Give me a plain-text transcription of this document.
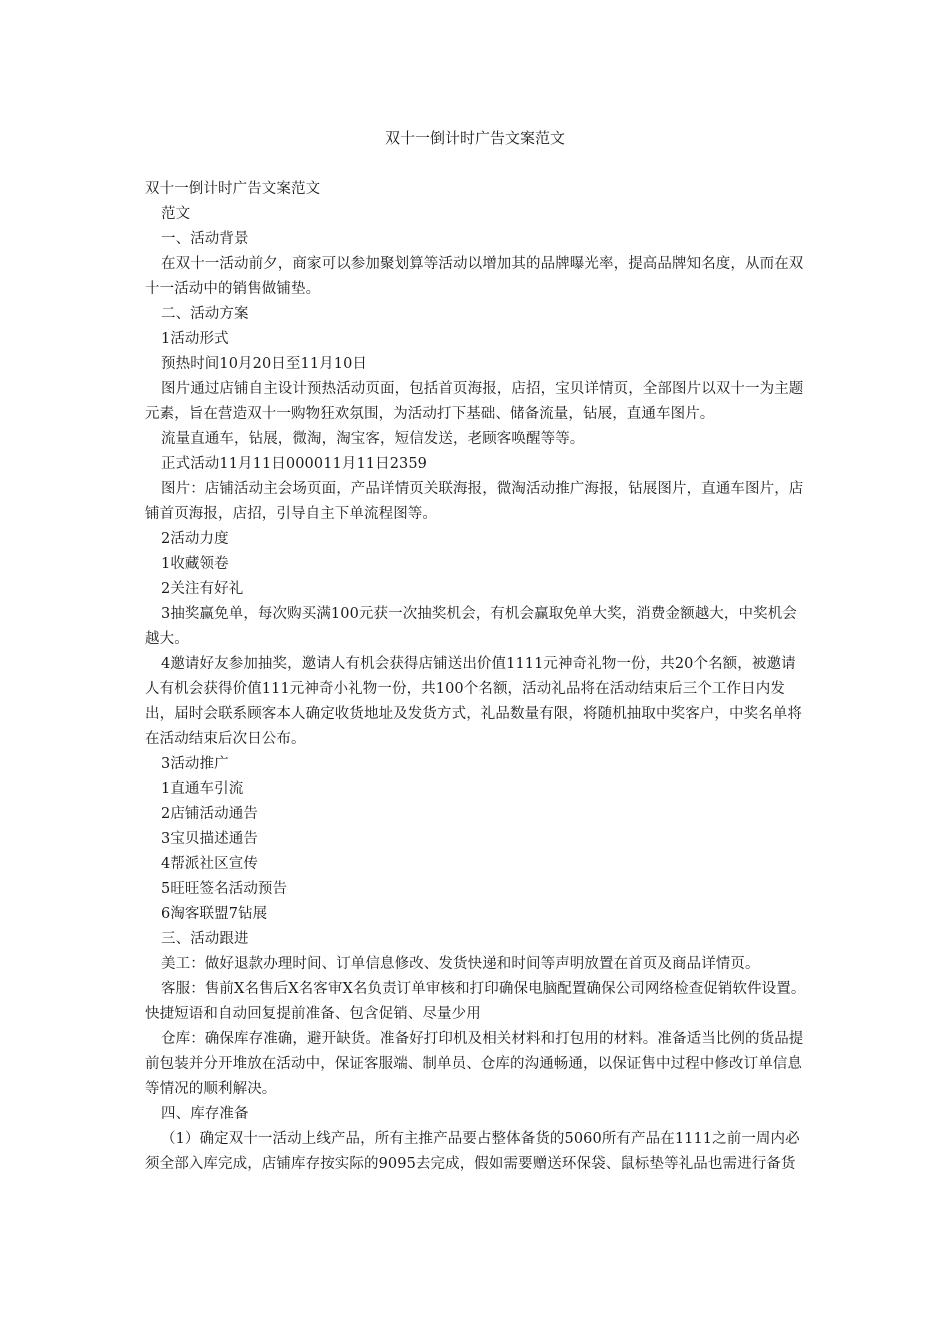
双十一倒计时广告文案范文

双十一倒计时广告文案范文

范文

一、活动背景

在双十一活动前夕，商家可以参加聚划算等活动以增加其的品牌曝光率，提高品牌知名度，从而在双十一活动中的销售做铺垫。

二、活动方案

1活动形式

预热时间10月20日至11月10日

图片通过店铺自主设计预热活动页面，包括首页海报，店招，宝贝详情页，全部图片以双十一为主题元素，旨在营造双十一购物狂欢氛围，为活动打下基础、储备流量，钻展，直通车图片。

流量直通车，钻展，微淘，淘宝客，短信发送，老顾客唤醒等等。

正式活动11月11日000011月11日2359

图片：店铺活动主会场页面，产品详情页关联海报，微淘活动推广海报，钻展图片，直通车图片，店铺首页海报，店招，引导自主下单流程图等。

2活动力度

1收藏领卷

2关注有好礼

3抽奖赢免单，每次购买满100元获一次抽奖机会，有机会赢取免单大奖，消费金额越大，中奖机会越大。

4邀请好友参加抽奖，邀请人有机会获得店铺送出价值1111元神奇礼物一份，共20个名额，被邀请人有机会获得价值111元神奇小礼物一份，共100个名额，活动礼品将在活动结束后三个工作日内发出，届时会联系顾客本人确定收货地址及发货方式，礼品数量有限，将随机抽取中奖客户，中奖名单将在活动结束后次日公布。

3活动推广

1直通车引流

2店铺活动通告

3宝贝描述通告

4帮派社区宣传

5旺旺签名活动预告

6淘客联盟7钻展

三、活动跟进

美工：做好退款办理时间、订单信息修改、发货快递和时间等声明放置在首页及商品详情页。

客服：售前X名售后X名客审X名负责订单审核和打印确保电脑配置确保公司网络检查促销软件设置。快捷短语和自动回复提前准备、包含促销、尽量少用

仓库：确保库存准确，避开缺货。准备好打印机及相关材料和打包用的材料。准备适当比例的货品提前包装并分开堆放在活动中，保证客服端、制单员、仓库的沟通畅通，以保证售中过程中修改订单信息等情况的顺利解决。

四、库存准备

（1）确定双十一活动上线产品，所有主推产品要占整体备货的5060所有产品在1111之前一周内必须全部入库完成，店铺库存按实际的9095去完成，假如需要赠送环保袋、鼠标垫等礼品也需进行备货
